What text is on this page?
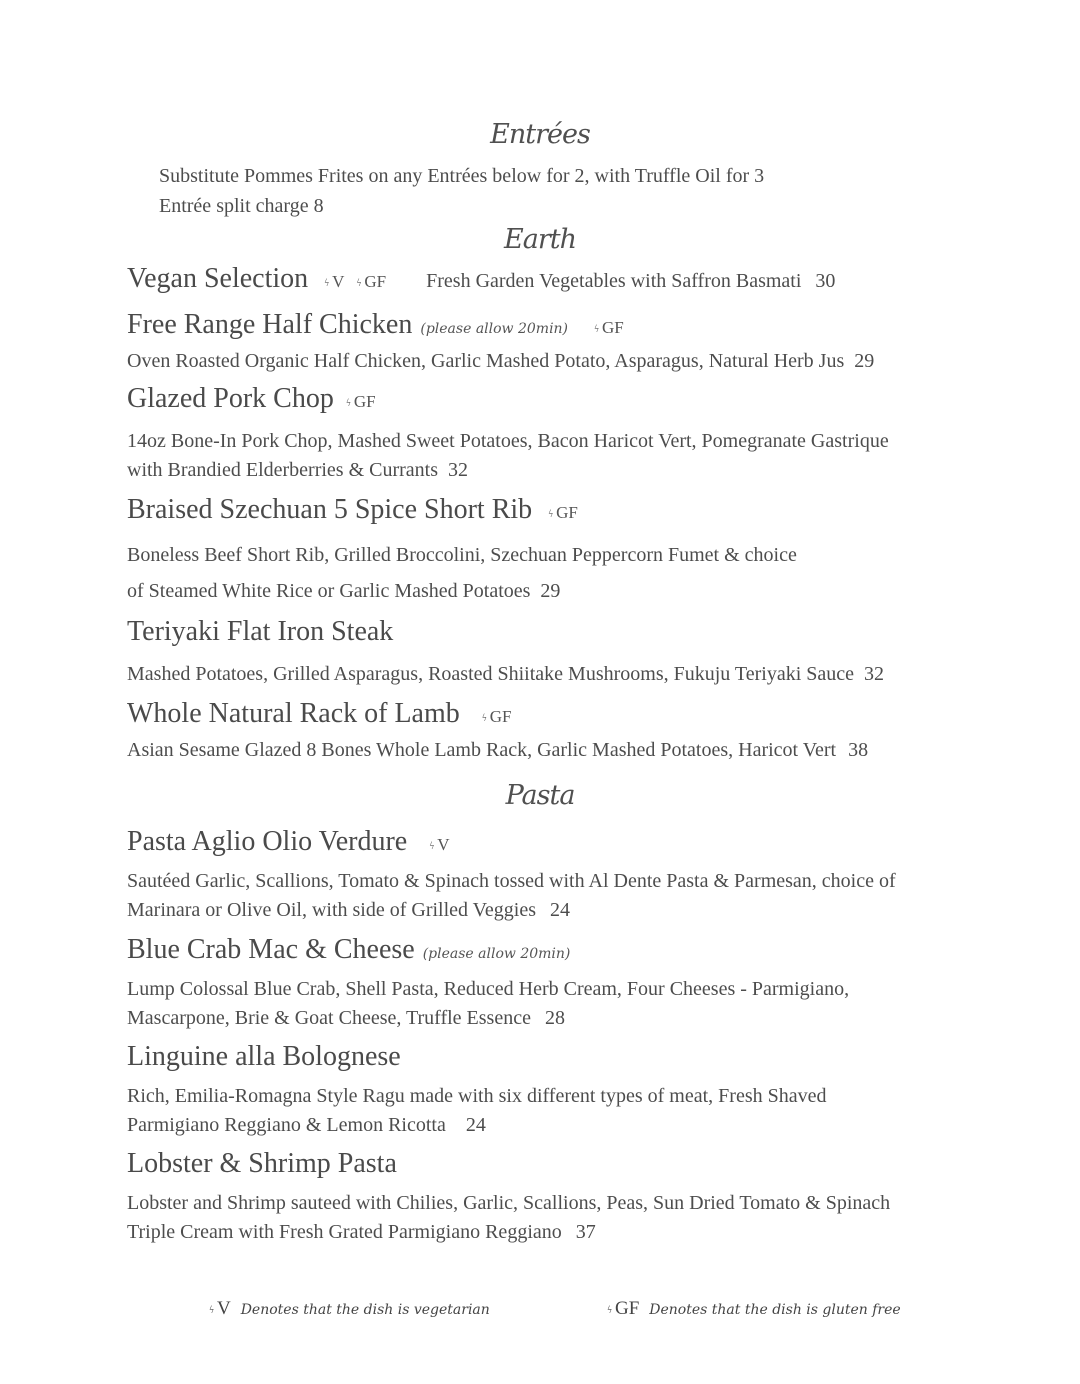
Entrées
Substitute Pommes Frites on any Entrées below for 2, with Truffle Oil for 3
Entrée split charge 8
Earth
Vegan Selection ϟ V ϟ GF Fresh Garden Vegetables with Saffron Basmati 30
Free Range Half Chicken (please allow 20min) ϟ GF
Oven Roasted Organic Half Chicken, Garlic Mashed Potato, Asparagus, Natural Herb Jus 29
Glazed Pork Chop ϟ GF
14oz Bone-In Pork Chop, Mashed Sweet Potatoes, Bacon Haricot Vert, Pomegranate Gastrique
with Brandied Elderberries & Currants 32
Braised Szechuan 5 Spice Short Rib ϟ GF
Boneless Beef Short Rib, Grilled Broccolini, Szechuan Peppercorn Fumet & choice
of Steamed White Rice or Garlic Mashed Potatoes 29
Teriyaki Flat Iron Steak
Mashed Potatoes, Grilled Asparagus, Roasted Shiitake Mushrooms, Fukuju Teriyaki Sauce 32
Whole Natural Rack of Lamb ϟ GF
Asian Sesame Glazed 8 Bones Whole Lamb Rack, Garlic Mashed Potatoes, Haricot Vert 38
Pasta
Pasta Aglio Olio Verdure ϟ V
Sautéed Garlic, Scallions, Tomato & Spinach tossed with Al Dente Pasta & Parmesan, choice of
Marinara or Olive Oil, with side of Grilled Veggies 24
Blue Crab Mac & Cheese (please allow 20min)
Lump Colossal Blue Crab, Shell Pasta, Reduced Herb Cream, Four Cheeses - Parmigiano,
Mascarpone, Brie & Goat Cheese, Truffle Essence 28
Linguine alla Bolognese
Rich, Emilia-Romagna Style Ragu made with six different types of meat, Fresh Shaved
Parmigiano Reggiano & Lemon Ricotta 24
Lobster & Shrimp Pasta
Lobster and Shrimp sauteed with Chilies, Garlic, Scallions, Peas, Sun Dried Tomato & Spinach
Triple Cream with Fresh Grated Parmigiano Reggiano 37
ϟ V Denotes that the dish is vegetarian	ϟ GF Denotes that the dish is gluten free
